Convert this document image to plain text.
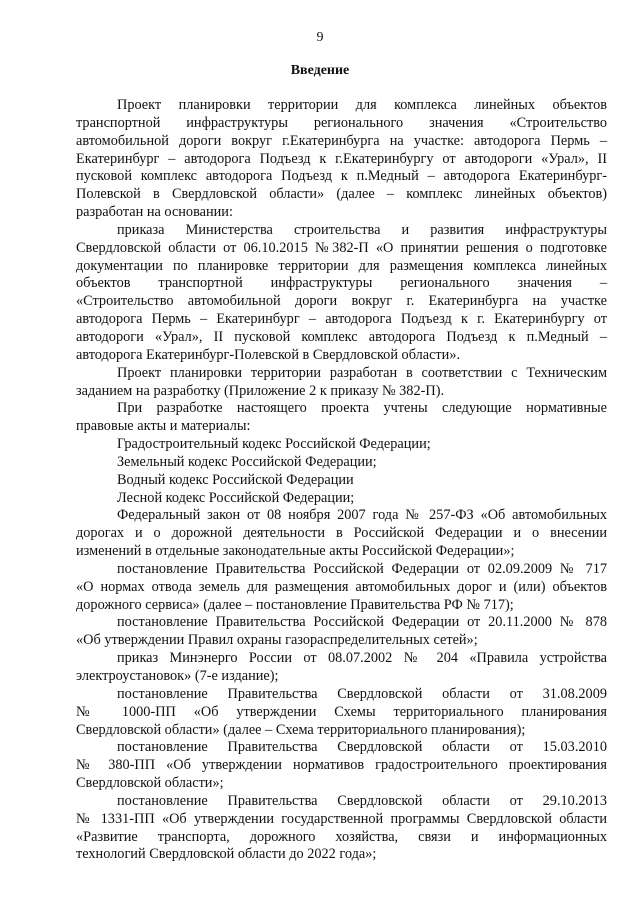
9
Введение
Проект планировки территории для комплекса линейных объектов
транспортной инфраструктуры регионального значения «Строительство
автомобильной дороги вокруг г.Екатеринбурга на участке: автодорога Пермь –
Екатеринбург – автодорога Подъезд к г.Екатеринбургу от автодороги «Урал», II
пусковой комплекс автодорога Подъезд к п.Медный – автодорога Екатеринбург-
Полевской в Свердловской области» (далее – комплекс линейных объектов)
разработан на основании:
приказа Министерства строительства и развития инфраструктуры
Свердловской области от 06.10.2015 №382-П «О принятии решения о подготовке
документации по планировке территории для размещения комплекса линейных
объектов транспортной инфраструктуры регионального значения –
«Строительство автомобильной дороги вокруг г. Екатеринбурга на участке
автодорога Пермь – Екатеринбург – автодорога Подъезд к г. Екатеринбургу от
автодороги «Урал», II пусковой комплекс автодорога Подъезд к п.Медный –
автодорога Екатеринбург-Полевской в Свердловской области».
Проект планировки территории разработан в соответствии с Техническим
заданием на разработку (Приложение 2 к приказу № 382-П).
При разработке настоящего проекта учтены следующие нормативные
правовые акты и материалы:
Градостроительный кодекс Российской Федерации;
Земельный кодекс Российской Федерации;
Водный кодекс Российской Федерации
Лесной кодекс Российской Федерации;
Федеральный закон от 08 ноября 2007 года № 257-ФЗ «Об автомобильных
дорогах и о дорожной деятельности в Российской Федерации и о внесении
изменений в отдельные законодательные акты Российской Федерации»;
постановление Правительства Российской Федерации от 02.09.2009 № 717
«О нормах отвода земель для размещения автомобильных дорог и (или) объектов
дорожного сервиса» (далее – постановление Правительства РФ № 717);
постановление Правительства Российской Федерации от 20.11.2000 № 878
«Об утверждении Правил охраны газораспределительных сетей»;
приказ Минэнерго России от 08.07.2002 № 204 «Правила устройства
электроустановок» (7-е издание);
постановление Правительства Свердловской области от 31.08.2009
№ 1000-ПП «Об утверждении Схемы территориального планирования
Свердловской области» (далее – Схема территориального планирования);
постановление Правительства Свердловской области от 15.03.2010
№ 380-ПП «Об утверждении нормативов градостроительного проектирования
Свердловской области»;
постановление Правительства Свердловской области от 29.10.2013
№ 1331-ПП «Об утверждении государственной программы Свердловской области
«Развитие транспорта, дорожного хозяйства, связи и информационных
технологий Свердловской области до 2022 года»;
